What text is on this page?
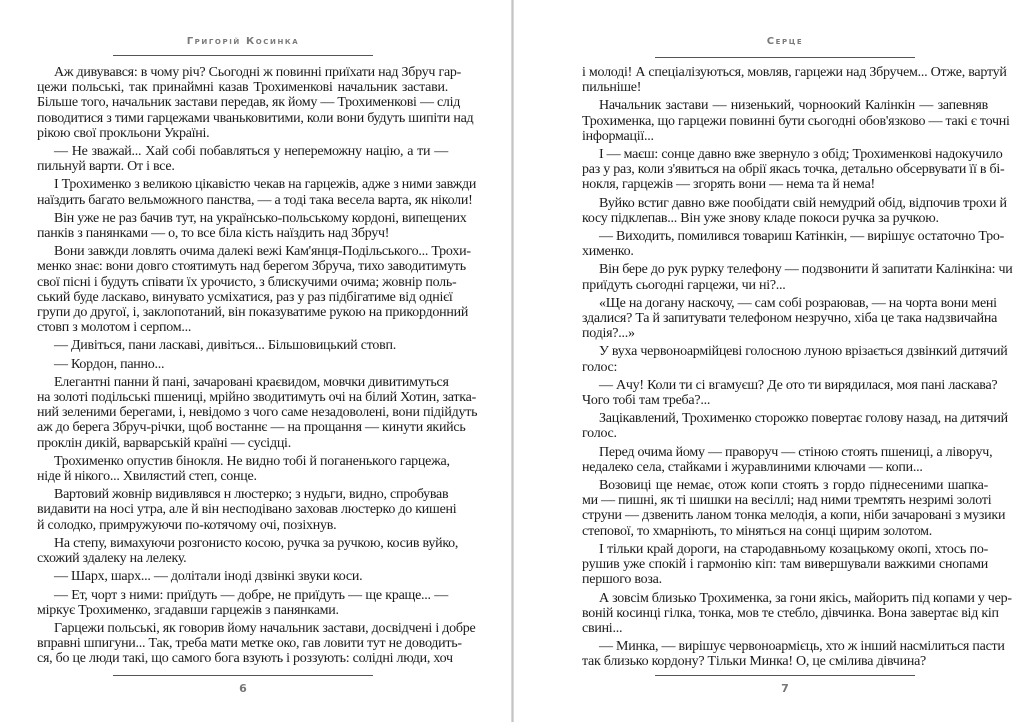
Григорій Косинка
Аж дивувався: в чому річ? Сьогодні ж повинні приїхати над Збруч гар-
цежи польські, так принаймні казав Трохименкові начальник застави.
Більше того, начальник застави передав, як йому — Трохименкові — слід
поводитися з тими гарцежами чваньковитими, коли вони будуть шипіти над
рікою свої прокльони Україні.
— Не зважай... Хай собі побавляться у непереможну націю, а ти —
пильнуй варти. От і все.
І Трохименко з великою цікавістю чекав на гарцежів, адже з ними завжди
наїздить багато вельможного панства, — а тоді така весела варта, як ніколи!
Він уже не раз бачив тут, на українсько-польському кордоні, випещених
панків з панянками — о, то все біла кість наїздить над Збруч!
Вони завжди ловлять очима далекі вежі Кам'янця-Подільського... Трохи-
менко знає: вони довго стоятимуть над берегом Збруча, тихо заводитимуть
свої пісні і будуть співати їх урочисто, з блискучими очима; жовнір поль-
ський буде ласкаво, винувато усміхатися, раз у раз підбігатиме від однієї
групи до другої, і, заклопотаний, він показуватиме рукою на прикордонний
стовп з молотом і серпом...
— Дивіться, пани ласкаві, дивіться... Більшовицький стовп.
— Кордон, панно...
Елегантні панни й пані, зачаровані краєвидом, мовчки дивитимуться
на золоті подільські пшениці, мрійно зводитимуть очі на білий Хотин, затка-
ний зеленими берегами, і, невідомо з чого саме незадоволені, вони підійдуть
аж до берега Збруч-річки, щоб востаннє — на прощання — кинути якийсь
проклін дикій, варварській країні — сусідці.
Трохименко опустив бінокля. Не видно тобі й поганенького гарцежа,
ніде й нікого... Хвилястий степ, сонце.
Вартовий жовнір видивлявся н люстерко; з нудьги, видно, спробував
видавити на носі утра, але й він несподівано заховав люстерко до кишені
й солодко, примружуючи по-котячому очі, позіхнув.
На степу, вимахуючи розгонисто косою, ручка за ручкою, косив вуйко,
схожий здалеку на лелеку.
— Шарх, шарх... — долітали іноді дзвінкі звуки коси.
— Ет, чорт з ними: приїдуть — добре, не приїдуть — ще краще... —
міркує Трохименко, згадавши гарцежів з панянками.
Гарцежи польські, як говорив йому начальник застави, досвідчені і добре
вправні шпигуни... Так, треба мати метке око, гав ловити тут не доводить-
ся, бо це люди такі, що самого бога взують і роззують: солідні люди, хоч
6
Серце
і молоді! А спеціалізуються, мовляв, гарцежи над Збручем... Отже, вартуй
пильніше!
Начальник застави — низенький, чорноокий Калінкін — запевняв
Трохименка, що гарцежи повинні бути сьогодні обов'язково — такі є точні
інформації...
І — маєш: сонце давно вже звернуло з обід; Трохименкові надокучило
раз у раз, коли з'явиться на обрії якась точка, детально обсервувати її в бі-
нокля, гарцежів — згорять вони — нема та й нема!
Вуйко встиг давно вже пообідати свій немудрий обід, відпочив трохи й
косу підклепав... Він уже знову кладе покоси ручка за ручкою.
— Виходить, помилився товариш Катінкін, — вирішує остаточно Тро-
хименко.
Він бере до рук рурку телефону — подзвонити й запитати Калінкіна: чи
приїдуть сьогодні гарцежи, чи ні?...
«Ще на догану наскочу, — сам собі розраював, — на чорта вони мені
здалися? Та й запитувати телефоном незручно, хіба це така надзвичайна
подія?...»
У вуха червоноармійцеві голосною луною врізається дзвінкий дитячий
голос:
— Ачу! Коли ти сі вгамуєш? Де ото ти вирядилася, моя пані ласкава?
Чого тобі там треба?...
Зацікавлений, Трохименко сторожко повертає голову назад, на дитячий
голос.
Перед очима йому — праворуч — стіною стоять пшениці, а ліворуч,
недалеко села, стайками і журавлиними ключами — копи...
Возовиці ще немає, отож копи стоять з гордо піднесеними шапка-
ми — пишні, як ті шишки на весіллі; над ними тремтять незримі золоті
струни — дзвенить ланом тонка мелодія, а копи, ніби зачаровані з музики
степової, то хмарніють, то міняться на сонці щирим золотом.
І тільки край дороги, на стародавньому козацькому окопі, хтось по-
рушив уже спокій і гармонію кіп: там вивершували важкими снопами
першого воза.
А зовсім близько Трохименка, за гони якісь, майорить під копами у чер-
воній косинці гілка, тонка, мов те стебло, дівчинка. Вона завертає від кіп
свині...
— Минка, — вирішує червоноармієць, хто ж інший насмілиться пасти
так близько кордону? Тільки Минка! О, це смілива дівчина?
7
